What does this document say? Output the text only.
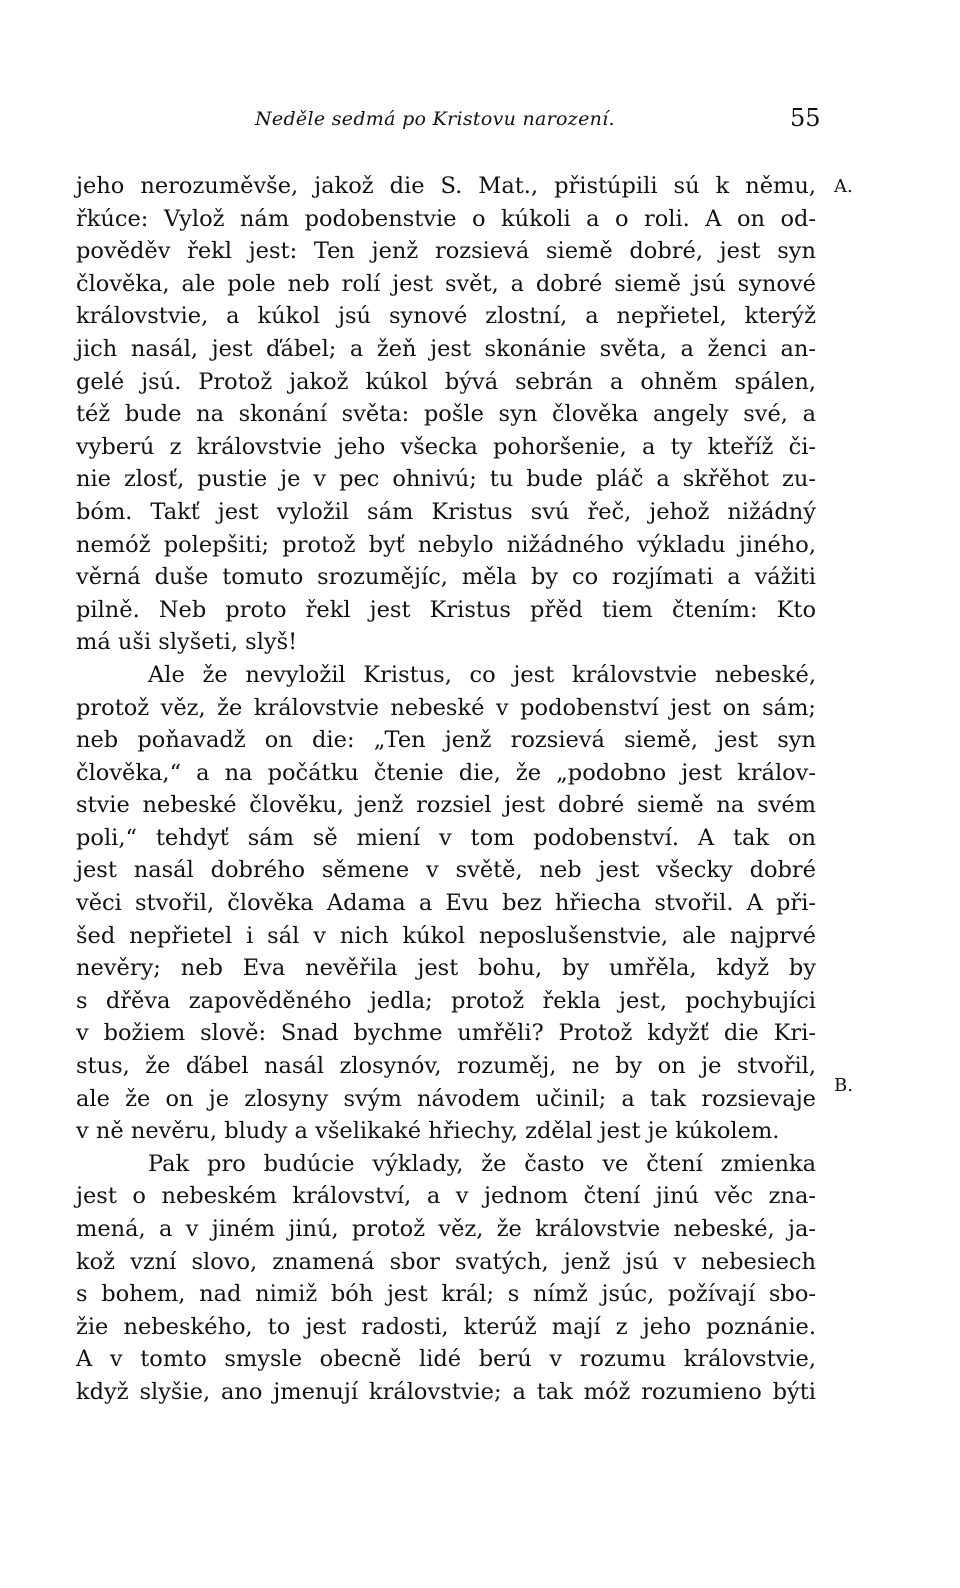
Neděle sedmá po Kristovu narození.	55
A.
B.
jeho nerozuměvše, jakož die S. Mat., přistúpili sú k němu,
řkúce: Vylož nám podobenstvie o kúkoli a o roli. A on od-
pověděv řekl jest: Ten jenž rozsievá siemě dobré, jest syn
člověka, ale pole neb rolí jest svět, a dobré siemě jsú synové
královstvie, a kúkol jsú synové zlostní, a nepřietel, kterýž
jich nasál, jest ďábel; a žeň jest skonánie světa, a ženci an-
gelé jsú. Protož jakož kúkol bývá sebrán a ohněm spálen,
též bude na skonání světa: pošle syn člověka angely své, a
vyberú z královstvie jeho všecka pohoršenie, a ty kteříž či-
nie zlosť, pustie je v pec ohnivú; tu bude pláč a skřěhot zu-
bóm. Takť jest vyložil sám Kristus svú řeč, jehož nižádný
nemóž polepšiti; protož byť nebylo nižádného výkladu jiného,
věrná duše tomuto srozumějíc, měla by co rozjímati a vážiti
pilně. Neb proto řekl jest Kristus přěd tiem čtením: Kto
má uši slyšeti, slyš!
Ale že nevyložil Kristus, co jest královstvie nebeské,
protož věz, že královstvie nebeské v podobenství jest on sám;
neb poňavadž on die: „Ten jenž rozsievá siemě, jest syn
člověka,“ a na počátku čtenie die, že „podobno jest králov-
stvie nebeské člověku, jenž rozsiel jest dobré siemě na svém
poli,“ tehdyť sám sě miení v tom podobenství. A tak on
jest nasál dobrého sěmene v světě, neb jest všecky dobré
věci stvořil, člověka Adama a Evu bez hřiecha stvořil. A při-
šed nepřietel i sál v nich kúkol neposlušenstvie, ale najprvé
nevěry; neb Eva nevěřila jest bohu, by umřěla, když by
s dřěva zapověděného jedla; protož řekla jest, pochybujíci
v božiem slově: Snad bychme umřěli? Protož kdyžť die Kri-
stus, že ďábel nasál zlosynóv, rozuměj, ne by on je stvořil,
ale že on je zlosyny svým návodem učinil; a tak rozsievaje
v ně nevěru, bludy a všelikaké hřiechy, zdělal jest je kúkolem.
Pak pro budúcie výklady, že často ve čtení zmienka
jest o nebeském království, a v jednom čtení jinú věc zna-
mená, a v jiném jinú, protož věz, že královstvie nebeské, ja-
kož vzní slovo, znamená sbor svatých, jenž jsú v nebesiech
s bohem, nad nimiž bóh jest král; s nímž jsúc, požívají sbo-
žie nebeského, to jest radosti, kterúž mají z jeho poznánie.
A v tomto smysle obecně lidé berú v rozumu královstvie,
když slyšie, ano jmenují královstvie; a tak móž rozumieno býti
